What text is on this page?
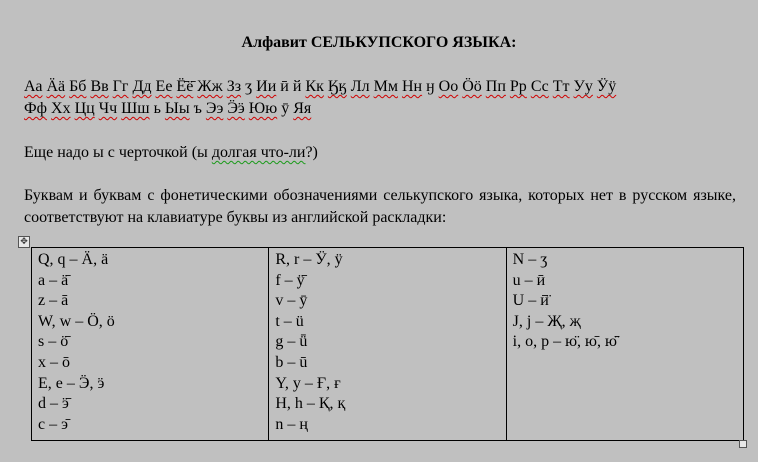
Алфавит СЕЛЬКУПСКОГО ЯЗЫКА:
Аа Ӓӓ Бб Вв Гг Дд Ее Ё̄ё̄ Жж Зз ӡ Ии ӣ й Кк Ӄӄ Лл Мм Нн ӈ Оо Ӧӧ Пп Рр Сс Тт Уу Ӱӱ
Фф Хх Цц Чч Шш ь Ыы ъ Ээ Ӭӭ Юю ӯ Яя
Еще надо ы с черточкой (ы долгая что-ли?)
Буквам и буквам с фонетическими обозначениями селькупского языка, которых нет в русском языке, соответствуют на клавиатуре буквы из английской раскладки:
✥
Q, q – Ӓ, ӓ
a – ӓ̄
z – ā
W, w – Ӧ, ӧ
s – ӧ̄
x – ō
E, e – Ӭ, ӭ
d – ӭ̄
c – э̄

R, r – Ӱ, ӱ
f – ӱ̄
v – ȳ
t – ü
g – ǖ
b – ū
Y, y – Ғ, ғ
H, h – Қ, қ
n – ң

N – ӡ
u – ӣ
U – ӣ̈
J, j – Җ, җ
i, o, p – ю̈, ю̄, ю̈̄
